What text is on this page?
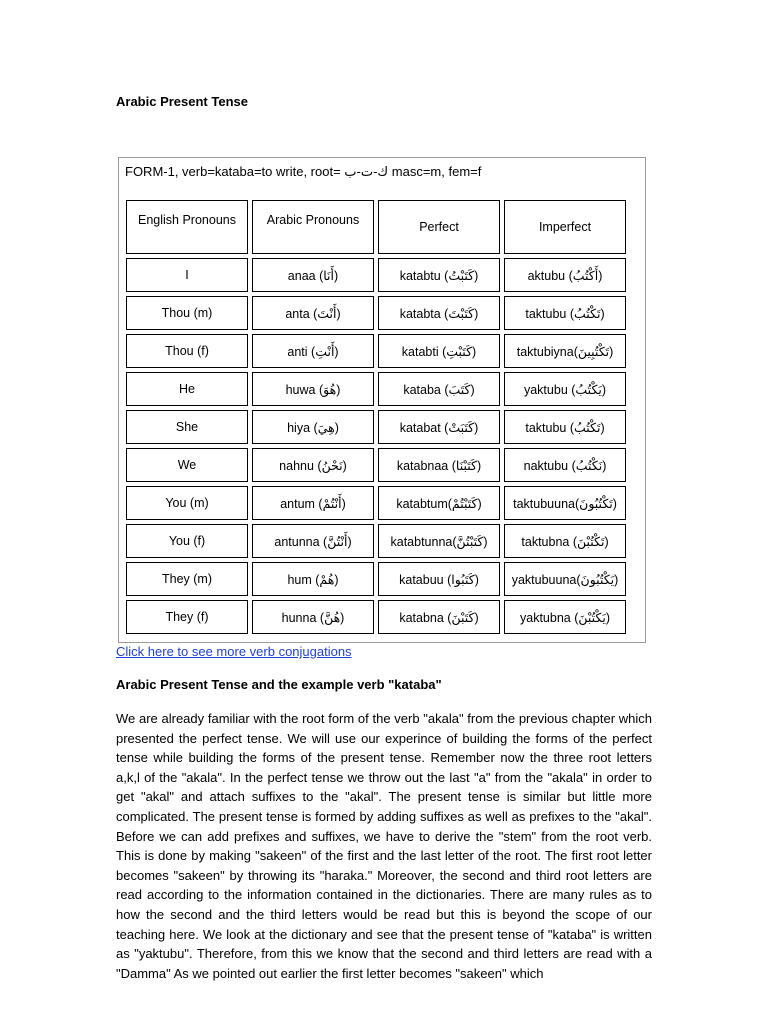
Arabic Present Tense
FORM-1, verb=kataba=to write, root= ك-ت-ب masc=m, fem=f
English Pronouns	Arabic Pronouns	Perfect	Imperfect
I	anaa (أَنَا)	katabtu (كَتَبْتُ)	aktubu (أَكْتُبُ)
Thou (m)	anta (أَنْتَ)	katabta (كَتَبْتَ)	taktubu (تَكْتُبُ)
Thou (f)	anti (أَنْتِ)	katabti (كَتَبْتِ)	taktubiyna(تَكْتُبِينَ)
He	huwa (هُوَ)	kataba (كَتَبَ)	yaktubu (يَكْتُبُ)
She	hiya (هِيَ)	katabat (كَتَبَتْ)	taktubu (تَكْتُبُ)
We	nahnu (نَحْنُ)	katabnaa (كَتَبْنَا)	naktubu (نَكْتُبُ)
You (m)	antum (أَنْتُمْ)	katabtum(كَتَبْتُمْ)	taktubuuna(تَكْتُبُونَ)
You (f)	antunna (أَنْتُنَّ)	katabtunna(كَتَبْتُنَّ)	taktubna (تَكْتُبْنَ)
They (m)	hum (هُمْ)	katabuu (كَتَبُوا)	yaktubuuna(يَكْتُبُونَ)
They (f)	hunna (هُنَّ)	katabna (كَتَبْنَ)	yaktubna (يَكْتُبْنَ)
Click here to see more verb conjugations
Arabic Present Tense and the example verb "kataba"

We are already familiar with the root form of the verb "akala" from the previous chapter which presented the perfect tense. We will use our experince of building the forms of the perfect tense while building the forms of the present tense. Remember now the three root letters a,k,l of the "akala". In the perfect tense we throw out the last "a" from the "akala" in order to get "akal" and attach suffixes to the "akal". The present tense is similar but little more complicated. The present tense is formed by adding suffixes as well as prefixes to the "akal". Before we can add prefixes and suffixes, we have to derive the "stem" from the root verb. This is done by making "sakeen" of the first and the last letter of the root. The first root letter becomes "sakeen" by throwing its "haraka." Moreover, the second and third root letters are read according to the information contained in the dictionaries. There are many rules as to how the second and the third letters would be read but this is beyond the scope of our teaching here. We look at the dictionary and see that the present tense of "kataba" is written as "yaktubu". Therefore, from this we know that the second and third letters are read with a "Damma" As we pointed out earlier the first letter becomes "sakeen" which
